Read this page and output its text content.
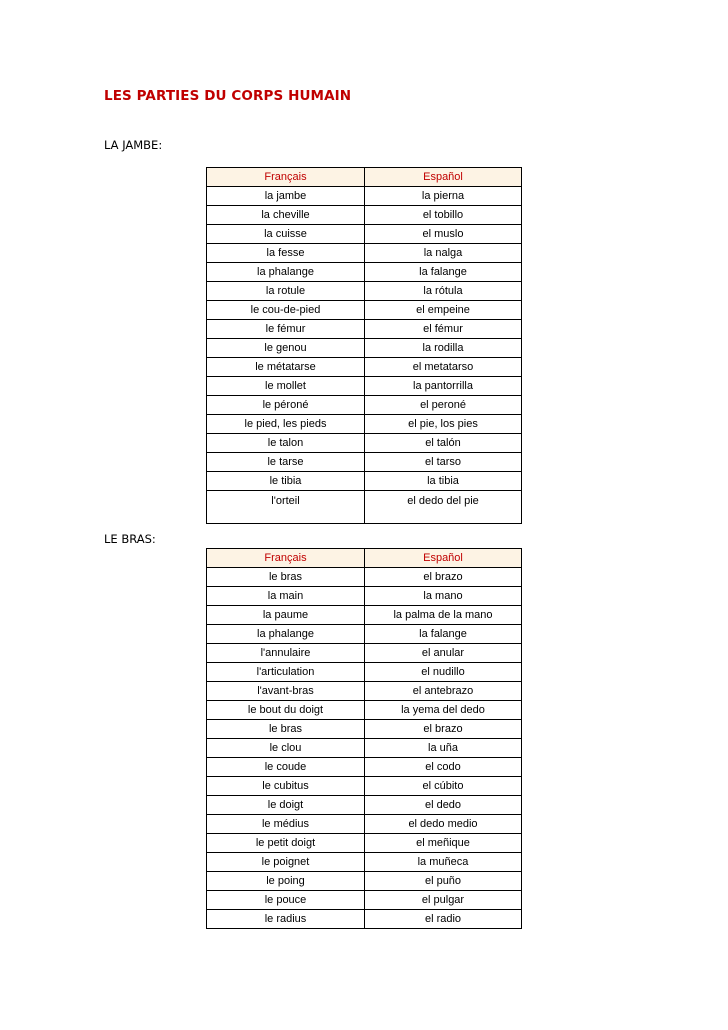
LES PARTIES DU CORPS HUMAIN

LA JAMBE:

Français	Español
la jambe	la pierna
la cheville	el tobillo
la cuisse	el muslo
la fesse	la nalga
la phalange	la falange
la rotule	la rótula
le cou-de-pied	el empeine
le fémur	el fémur
le genou	la rodilla
le métatarse	el metatarso
le mollet	la pantorrilla
le péroné	el peroné
le pied, les pieds	el pie, los pies
le talon	el talón
le tarse	el tarso
le tibia	la tibia
l'orteil	el dedo del pie

LE BRAS:

Français	Español
le bras	el brazo
la main	la mano
la paume	la palma de la mano
la phalange	la falange
l'annulaire	el anular
l'articulation	el nudillo
l'avant-bras	el antebrazo
le bout du doigt	la yema del dedo
le bras	el brazo
le clou	la uña
le coude	el codo
le cubitus	el cúbito
le doigt	el dedo
le médius	el dedo medio
le petit doigt	el meñique
le poignet	la muñeca
le poing	el puño
le pouce	el pulgar
le radius	el radio
